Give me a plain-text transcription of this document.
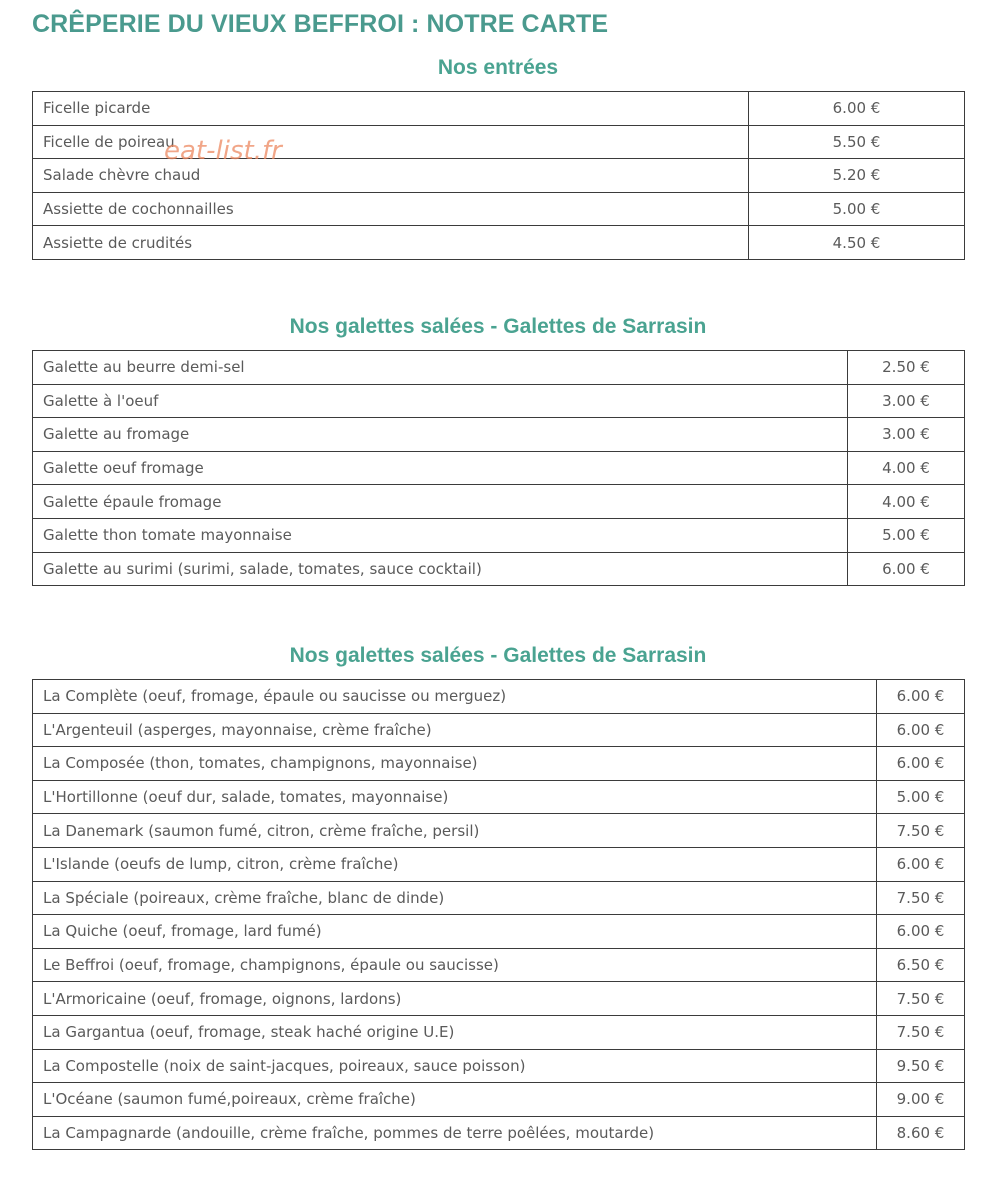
CRÊPERIE DU VIEUX BEFFROI : NOTRE CARTE
Nos entrées
Ficelle picarde	6.00 €
Ficelle de poireau	5.50 €
Salade chèvre chaud	5.20 €
Assiette de cochonnailles	5.00 €
Assiette de crudités	4.50 €
Nos galettes salées - Galettes de Sarrasin
Galette au beurre demi-sel	2.50 €
Galette à l'oeuf	3.00 €
Galette au fromage	3.00 €
Galette oeuf fromage	4.00 €
Galette épaule fromage	4.00 €
Galette thon tomate mayonnaise	5.00 €
Galette au surimi (surimi, salade, tomates, sauce cocktail)	6.00 €
Nos galettes salées - Galettes de Sarrasin
La Complète (oeuf, fromage, épaule ou saucisse ou merguez)	6.00 €
L'Argenteuil (asperges, mayonnaise, crème fraîche)	6.00 €
La Composée (thon, tomates, champignons, mayonnaise)	6.00 €
L'Hortillonne (oeuf dur, salade, tomates, mayonnaise)	5.00 €
La Danemark (saumon fumé, citron, crème fraîche, persil)	7.50 €
L'Islande (oeufs de lump, citron, crème fraîche)	6.00 €
La Spéciale (poireaux, crème fraîche, blanc de dinde)	7.50 €
La Quiche (oeuf, fromage, lard fumé)	6.00 €
Le Beffroi (oeuf, fromage, champignons, épaule ou saucisse)	6.50 €
L'Armoricaine (oeuf, fromage, oignons, lardons)	7.50 €
La Gargantua (oeuf, fromage, steak haché origine U.E)	7.50 €
La Compostelle (noix de saint-jacques, poireaux, sauce poisson)	9.50 €
L'Océane (saumon fumé,poireaux, crème fraîche)	9.00 €
La Campagnarde (andouille, crème fraîche, pommes de terre poêlées, moutarde)	8.60 €
eat-list.fr
